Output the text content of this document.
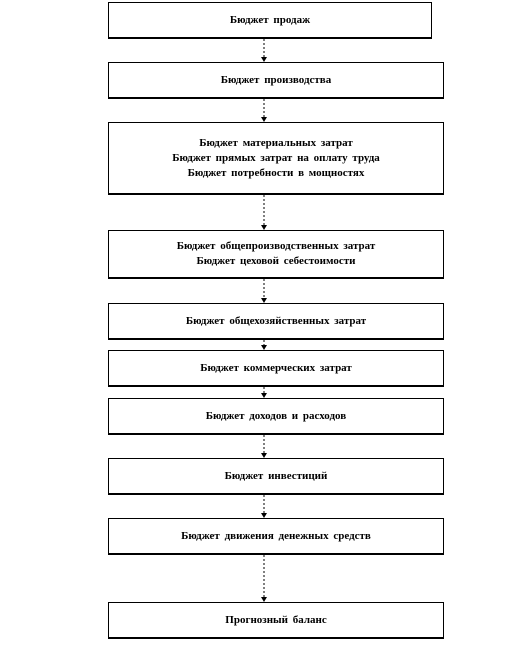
Бюджет продаж
Бюджет производства
Бюджет материальных затрат
Бюджет прямых затрат на оплату труда
Бюджет потребности в мощностях
Бюджет общепроизводственных затрат
Бюджет цеховой себестоимости
Бюджет общехозяйственных затрат
Бюджет коммерческих затрат
Бюджет доходов и расходов
Бюджет инвестиций
Бюджет движения денежных средств
Прогнозный баланс
